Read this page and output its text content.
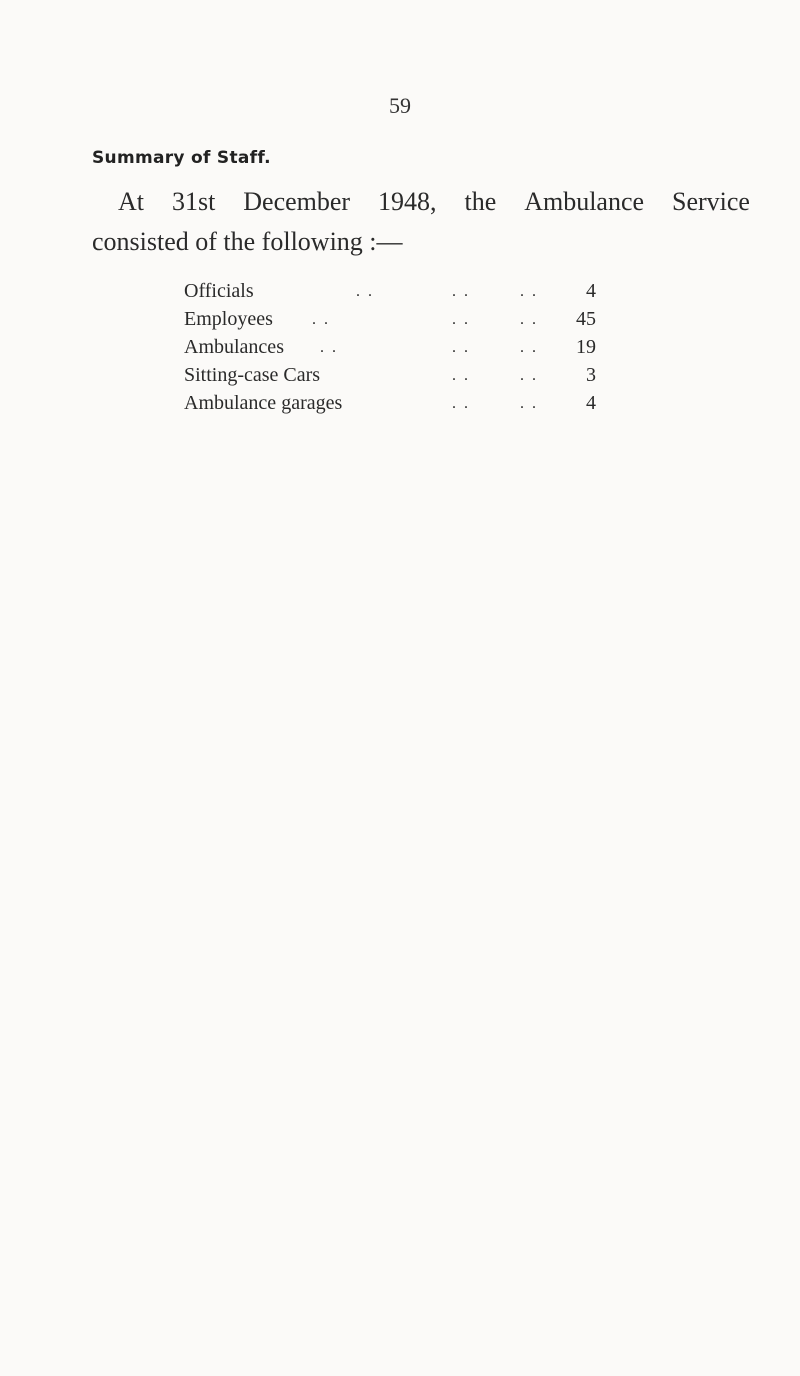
59
Summary of Staff.
At 31st December 1948, the Ambulance Service
consisted of the following :—
Officials	. .	. .	. .	4
Employees . .	. .	. .	45
Ambulances . .	. .	. .	19
Sitting-case Cars	. .	. .	3
Ambulance garages	. .	. .	4
